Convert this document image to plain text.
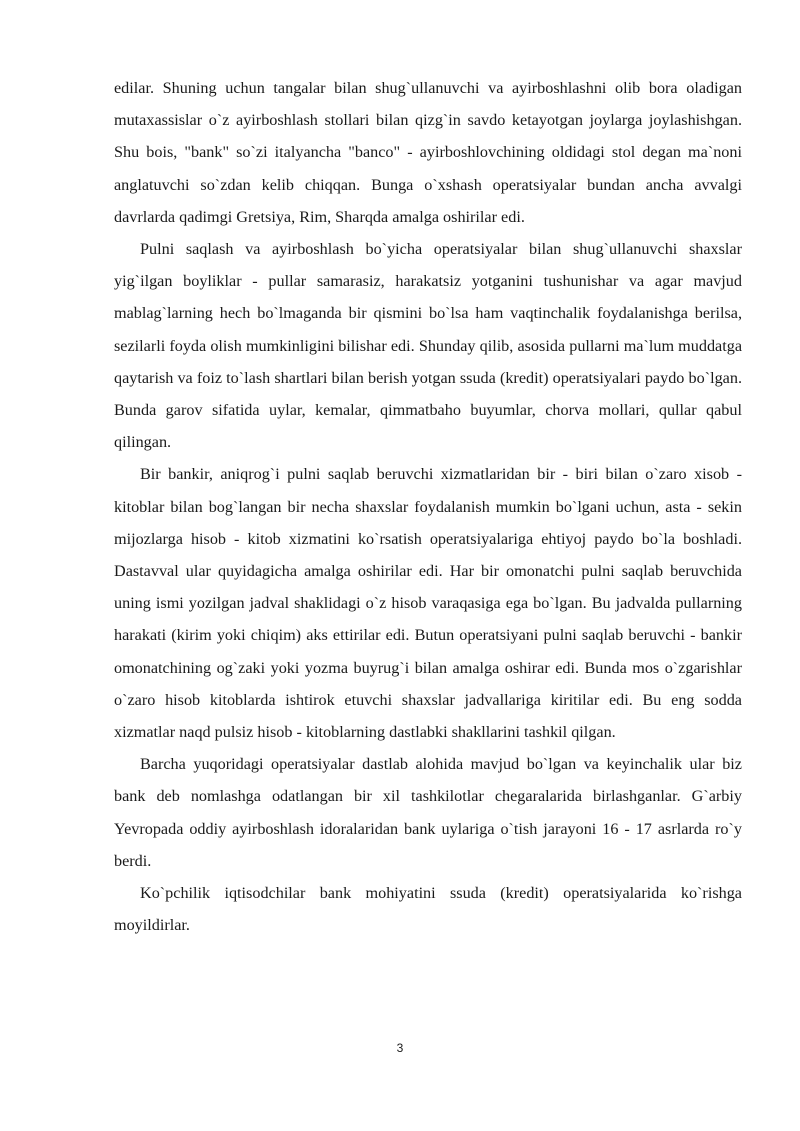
edilar. Shuning uchun tangalar bilan shug`ullanuvchi va ayirboshlashni olib bora oladigan mutaxassislar o`z ayirboshlash stollari bilan qizg`in savdo ketayotgan joylarga joylashishgan. Shu bois, "bank" so`zi italyancha "banco" - ayirboshlovchining oldidagi stol degan ma`noni anglatuvchi so`zdan kelib chiqqan. Bunga o`xshash operatsiyalar bundan ancha avvalgi davrlarda qadimgi Gretsiya, Rim, Sharqda amalga oshirilar edi.

Pulni saqlash va ayirboshlash bo`yicha operatsiyalar bilan shug`ullanuvchi shaxslar yig`ilgan boyliklar - pullar samarasiz, harakatsiz yotganini tushunishar va agar mavjud mablag`larning hech bo`lmaganda bir qismini bo`lsa ham vaqtinchalik foydalanishga berilsa, sezilarli foyda olish mumkinligini bilishar edi. Shunday qilib, asosida pullarni ma`lum muddatga qaytarish va foiz to`lash shartlari bilan berish yotgan ssuda (kredit) operatsiyalari paydo bo`lgan. Bunda garov sifatida uylar, kemalar, qimmatbaho buyumlar, chorva mollari, qullar qabul qilingan.

Bir bankir, aniqrog`i pulni saqlab beruvchi xizmatlaridan bir - biri bilan o`zaro xisob - kitoblar bilan bog`langan bir necha shaxslar foydalanish mumkin bo`lgani uchun, asta - sekin mijozlarga hisob - kitob xizmatini ko`rsatish operatsiyalariga ehtiyoj paydo bo`la boshladi. Dastavval ular quyidagicha amalga oshirilar edi. Har bir omonatchi pulni saqlab beruvchida uning ismi yozilgan jadval shaklidagi o`z hisob varaqasiga ega bo`lgan. Bu jadvalda pullarning harakati (kirim yoki chiqim) aks ettirilar edi. Butun operatsiyani pulni saqlab beruvchi - bankir omonatchining og`zaki yoki yozma buyrug`i bilan amalga oshirar edi. Bunda mos o`zgarishlar o`zaro hisob kitoblarda ishtirok etuvchi shaxslar jadvallariga kiritilar edi. Bu eng sodda xizmatlar naqd pulsiz hisob - kitoblarning dastlabki shakllarini tashkil qilgan.

Barcha yuqoridagi operatsiyalar dastlab alohida mavjud bo`lgan va keyinchalik ular biz bank deb nomlashga odatlangan bir xil tashkilotlar chegaralarida birlashganlar. G`arbiy Yevropada oddiy ayirboshlash idoralaridan bank uylariga o`tish jarayoni 16 - 17 asrlarda ro`y berdi.

Ko`pchilik iqtisodchilar bank mohiyatini ssuda (kredit) operatsiyalarida ko`rishga moyildirlar.

3
